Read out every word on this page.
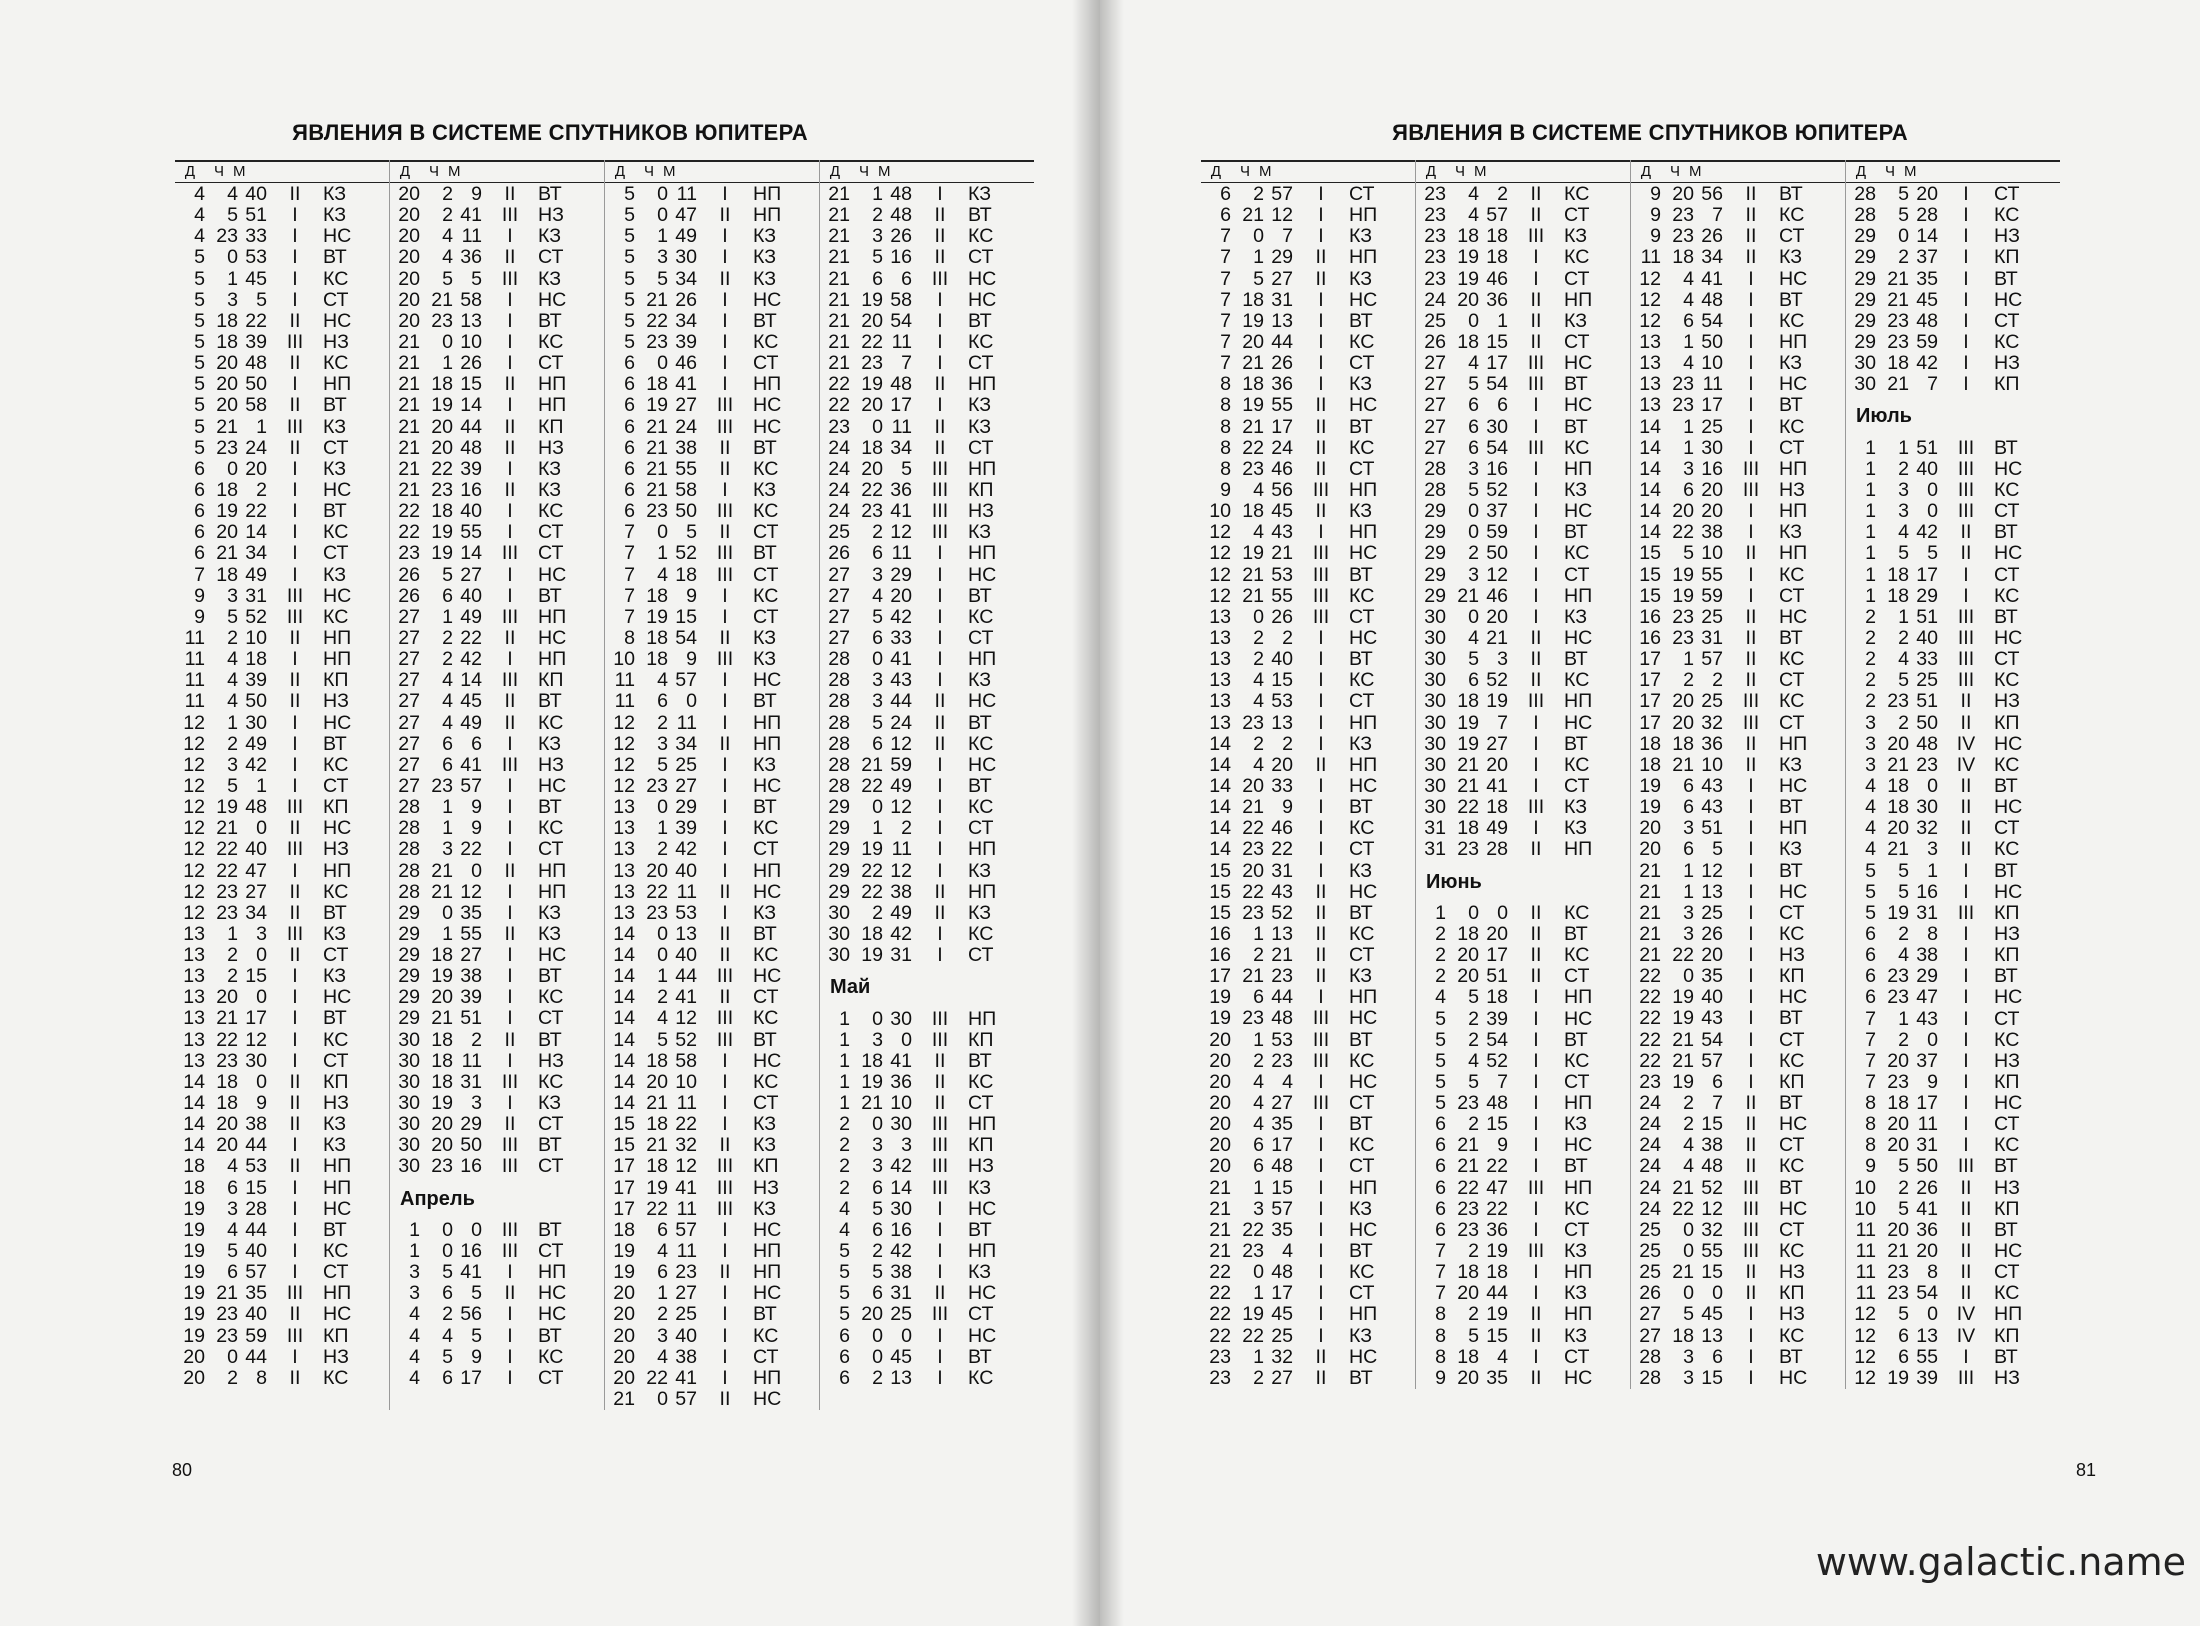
ЯВЛЕНИЯ В СИСТЕМЕ СПУТНИКОВ ЮПИТЕРА
Д	Ч М
4	4 40	II	КЗ
4	5 51	I	КЗ
4 23 33	I	НС
5	0 53	I	ВТ
5	1 45	I	КС
5	3 5	I	СТ
5 18 22	II	НС
5 18 39	III	НЗ
5 20 48	II	КС
5 20 50	I	НП
5 20 58	II	ВТ
5 21 1	III	КЗ
5 23 24	II	СТ
6	0 20	I	КЗ
6 18 2	I	НС
6 19 22	I	ВТ
6 20 14	I	КС
6 21 34	I	СТ
7 18 49	I	КЗ
9	3 31	III	НС
9	5 52	III	КС
11	2 10	II	НП
11	4 18	I	НП
11	4 39	II	КП
11	4 50	II	НЗ
12	1 30	I	НС
12	2 49	I	ВТ
12	3 42	I	КС
12	5 1	I	СТ
12 19 48	III	КП
12 21 0	II	НС
12 22 40	III	НЗ
12 22 47	I	НП
12 23 27	II	КС
12 23 34	II	ВТ
13	1 3	III	КЗ
13	2 0	II	СТ
13	2 15	I	КЗ
13 20 0	I	НС
13 21 17	I	ВТ
13 22 12	I	КС
13 23 30	I	СТ
14 18 0	II	КП
14 18 9	II	НЗ
14 20 38	II	КЗ
14 20 44	I	КЗ
18	4 53	II	НП
18	6 15	I	НП
19	3 28	I	НС
19	4 44	I	ВТ
19	5 40	I	КС
19	6 57	I	СТ
19 21 35	III	НП
19 23 40	II	НС
19 23 59	III	КП
20	0 44	I	НЗ
20	2 8	II	КС
Д	Ч М
20	2 9	II	ВТ
20	2 41	III	НЗ
20	4 11	I	КЗ
20	4 36	II	СТ
20	5 5	III	КЗ
20 21 58	I	НС
20 23 13	I	ВТ
21	0 10	I	КС
21	1 26	I	СТ
21 18 15	II	НП
21 19 14	I	НП
21 20 44	II	КП
21 20 48	II	НЗ
21 22 39	I	КЗ
21 23 16	II	КЗ
22 18 40	I	КС
22 19 55	I	СТ
23 19 14	III	СТ
26	5 27	I	НС
26	6 40	I	ВТ
27	1 49	III	НП
27	2 22	II	НС
27	2 42	I	НП
27	4 14	III	КП
27	4 45	II	ВТ
27	4 49	II	КС
27	6 6	I	КЗ
27	6 41	III	НЗ
27 23 57	I	НС
28	1 9	I	ВТ
28	1 9	I	КС
28	3 22	I	СТ
28 21 0	II	НП
28 21 12	I	НП
29	0 35	I	КЗ
29	1 55	II	КЗ
29 18 27	I	НС
29 19 38	I	ВТ
29 20 39	I	КС
29 21 51	I	СТ
30 18 2	II	ВТ
30 18 11	I	НЗ
30 18 31	III	КС
30 19 3	I	КЗ
30 20 29	II	СТ
30 20 50	III	ВТ
30 23 16	III	СТ
Апрель
1	0 0	III	ВТ
1	0 16	III	СТ
3	5 41	I	НП
3	6 5	II	НС
4	2 56	I	НС
4	4 5	I	ВТ
4	5 9	I	КС
4	6 17	I	СТ
Д	Ч М
5	0 11	I	НП
5	0 47	II	НП
5	1 49	I	КЗ
5	3 30	I	КЗ
5	5 34	II	КЗ
5 21 26	I	НС
5 22 34	I	ВТ
5 23 39	I	КС
6	0 46	I	СТ
6 18 41	I	НП
6 19 27	III	НС
6 21 24	III	НС
6 21 38	II	ВТ
6 21 55	II	КС
6 21 58	I	КЗ
6 23 50	III	КС
7	0 5	II	СТ
7	1 52	III	ВТ
7	4 18	III	СТ
7 18 9	I	КС
7 19 15	I	СТ
8 18 54	II	КЗ
10 18 9	III	КЗ
11	4 57	I	НС
11	6 0	I	ВТ
12	2 11	I	НП
12	3 34	II	НП
12	5 25	I	КЗ
12 23 27	I	НС
13	0 29	I	ВТ
13	1 39	I	КС
13	2 42	I	СТ
13 20 40	I	НП
13 22 11	II	НС
13 23 53	I	КЗ
14	0 13	II	ВТ
14	0 40	II	КС
14	1 44	III	НС
14	2 41	II	СТ
14	4 12	III	КС
14	5 52	III	ВТ
14 18 58	I	НС
14 20 10	I	КС
14 21 11	I	СТ
15 18 22	I	КЗ
15 21 32	II	КЗ
17 18 12	III	КП
17 19 41	III	НЗ
17 22 11	III	КЗ
18	6 57	I	НС
19	4 11	I	НП
19	6 23	II	НП
20	1 27	I	НС
20	2 25	I	ВТ
20	3 40	I	КС
20	4 38	I	СТ
20 22 41	I	НП
21	0 57	II	НС
Д	Ч М
21	1 48	I	КЗ
21	2 48	II	ВТ
21	3 26	II	КС
21	5 16	II	СТ
21	6 6	III	НС
21 19 58	I	НС
21 20 54	I	ВТ
21 22 11	I	КС
21 23 7	I	СТ
22 19 48	II	НП
22 20 17	I	КЗ
23	0 11	II	КЗ
24 18 34	II	СТ
24 20 5	III	НП
24 22 36	III	КП
24 23 41	III	НЗ
25	2 12	III	КЗ
26	6 11	I	НП
27	3 29	I	НС
27	4 20	I	ВТ
27	5 42	I	КС
27	6 33	I	СТ
28	0 41	I	НП
28	3 43	I	КЗ
28	3 44	II	НС
28	5 24	II	ВТ
28	6 12	II	КС
28 21 59	I	НС
28 22 49	I	ВТ
29	0 12	I	КС
29	1 2	I	СТ
29 19 11	I	НП
29 22 12	I	КЗ
29 22 38	II	НП
30	2 49	II	КЗ
30 18 42	I	КС
30 19 31	I	СТ
Май
1	0 30	III	НП
1	3 0	III	КП
1 18 41	II	ВТ
1 19 36	II	КС
1 21 10	II	СТ
2	0 30	III	НП
2	3 3	III	КП
2	3 42	III	НЗ
2	6 14	III	КЗ
4	5 30	I	НС
4	6 16	I	ВТ
5	2 42	I	НП
5	5 38	I	КЗ
5	6 31	II	НС
5 20 25	III	СТ
6	0 0	I	НС
6	0 45	I	ВТ
6	2 13	I	КС
80
ЯВЛЕНИЯ В СИСТЕМЕ СПУТНИКОВ ЮПИТЕРА
Д	Ч М
6	2 57	I	СТ
6 21 12	I	НП
7	0 7	I	КЗ
7	1 29	II	НП
7	5 27	II	КЗ
7 18 31	I	НС
7 19 13	I	ВТ
7 20 44	I	КС
7 21 26	I	СТ
8 18 36	I	КЗ
8 19 55	II	НС
8 21 17	II	ВТ
8 22 24	II	КС
8 23 46	II	СТ
9	4 56	III	НП
10 18 45	II	КЗ
12	4 43	I	НП
12 19 21	III	НС
12 21 53	III	ВТ
12 21 55	III	КС
13	0 26	III	СТ
13	2 2	I	НС
13	2 40	I	ВТ
13	4 15	I	КС
13	4 53	I	СТ
13 23 13	I	НП
14	2 2	I	КЗ
14	4 20	II	НП
14 20 33	I	НС
14 21 9	I	ВТ
14 22 46	I	КС
14 23 22	I	СТ
15 20 31	I	КЗ
15 22 43	II	НС
15 23 52	II	ВТ
16	1 13	II	КС
16	2 21	II	СТ
17 21 23	II	КЗ
19	6 44	I	НП
19 23 48	III	НС
20	1 53	III	ВТ
20	2 23	III	КС
20	4 4	I	НС
20	4 27	III	СТ
20	4 35	I	ВТ
20	6 17	I	КС
20	6 48	I	СТ
21	1 15	I	НП
21	3 57	I	КЗ
21 22 35	I	НС
21 23 4	I	ВТ
22	0 48	I	КС
22	1 17	I	СТ
22 19 45	I	НП
22 22 25	I	КЗ
23	1 32	II	НС
23	2 27	II	ВТ
Д	Ч М
23	4 2	II	КС
23	4 57	II	СТ
23 18 18	III	КЗ
23 19 18	I	КС
23 19 46	I	СТ
24 20 36	II	НП
25	0 1	II	КЗ
26 18 15	II	СТ
27	4 17	III	НС
27	5 54	III	ВТ
27	6 6	I	НС
27	6 30	I	ВТ
27	6 54	III	КС
28	3 16	I	НП
28	5 52	I	КЗ
29	0 37	I	НС
29	0 59	I	ВТ
29	2 50	I	КС
29	3 12	I	СТ
29 21 46	I	НП
30	0 20	I	КЗ
30	4 21	II	НС
30	5 3	II	ВТ
30	6 52	II	КС
30 18 19	III	НП
30 19 7	I	НС
30 19 27	I	ВТ
30 21 20	I	КС
30 21 41	I	СТ
30 22 18	III	КЗ
31 18 49	I	КЗ
31 23 28	II	НП
Июнь
1	0 0	II	КС
2 18 20	II	ВТ
2 20 17	II	КС
2 20 51	II	СТ
4	5 18	I	НП
5	2 39	I	НС
5	2 54	I	ВТ
5	4 52	I	КС
5	5 7	I	СТ
5 23 48	I	НП
6	2 15	I	КЗ
6 21 9	I	НС
6 21 22	I	ВТ
6 22 47	III	НП
6 23 22	I	КС
6 23 36	I	СТ
7	2 19	III	КЗ
7 18 18	I	НП
7 20 44	I	КЗ
8	2 19	II	НП
8	5 15	II	КЗ
8 18 4	I	СТ
9 20 35	II	НС
Д	Ч М
9 20 56	II	ВТ
9 23 7	II	КС
9 23 26	II	СТ
11 18 34	II	КЗ
12	4 41	I	НС
12	4 48	I	ВТ
12	6 54	I	КС
13	1 50	I	НП
13	4 10	I	КЗ
13 23 11	I	НС
13 23 17	I	ВТ
14	1 25	I	КС
14	1 30	I	СТ
14	3 16	III	НП
14	6 20	III	НЗ
14 20 20	I	НП
14 22 38	I	КЗ
15	5 10	II	НП
15 19 55	I	КС
15 19 59	I	СТ
16 23 25	II	НС
16 23 31	II	ВТ
17	1 57	II	КС
17	2 2	II	СТ
17 20 25	III	КС
17 20 32	III	СТ
18 18 36	II	НП
18 21 10	II	КЗ
19	6 43	I	НС
19	6 43	I	ВТ
20	3 51	I	НП
20	6 5	I	КЗ
21	1 12	I	ВТ
21	1 13	I	НС
21	3 25	I	СТ
21	3 26	I	КС
21 22 20	I	НЗ
22	0 35	I	КП
22 19 40	I	НС
22 19 43	I	ВТ
22 21 54	I	СТ
22 21 57	I	КС
23 19 6	I	КП
24	2 7	II	ВТ
24	2 15	II	НС
24	4 38	II	СТ
24	4 48	II	КС
24 21 52	III	ВТ
24 22 12	III	НС
25	0 32	III	СТ
25	0 55	III	КС
25 21 15	II	НЗ
26	0 0	II	КП
27	5 45	I	НЗ
27 18 13	I	КС
28	3 6	I	ВТ
28	3 15	I	НС
Д	Ч М
28	5 20	I	СТ
28	5 28	I	КС
29	0 14	I	НЗ
29	2 37	I	КП
29 21 35	I	ВТ
29 21 45	I	НС
29 23 48	I	СТ
29 23 59	I	КС
30 18 42	I	НЗ
30 21 7	I	КП
Июль
1	1 51	III	ВТ
1	2 40	III	НС
1	3 0	III	КС
1	3 0	III	СТ
1	4 42	II	ВТ
1	5 5	II	НС
1 18 17	I	СТ
1 18 29	I	КС
2	1 51	III	ВТ
2	2 40	III	НС
2	4 33	III	СТ
2	5 25	III	КС
2 23 51	II	НЗ
3	2 50	II	КП
3 20 48 IV НС
3 21 23 IV КС
4 18 0	II	ВТ
4 18 30	II	НС
4 20 32	II	СТ
4 21 3	II	КС
5	5 1	I	ВТ
5	5 16	I	НС
5 19 31	III	КП
6	2 8	I	НЗ
6	4 38	I	КП
6 23 29	I	ВТ
6 23 47	I	НС
7	1 43	I	СТ
7	2 0	I	КС
7 20 37	I	НЗ
7 23 9	I	КП
8 18 17	I	НС
8 20 11	I	СТ
8 20 31	I	КС
9	5 50	III	ВТ
10	2 26	II	НЗ
10	5 41	II	КП
11 20 36	II	ВТ
11 21 20	II	НС
11 23 8	II	СТ
11 23 54	II	КС
12	5 0 IV НП
12	6 13 IV КП
12	6 55	I	ВТ
12 19 39	III	НЗ
81
www.galactic.name
